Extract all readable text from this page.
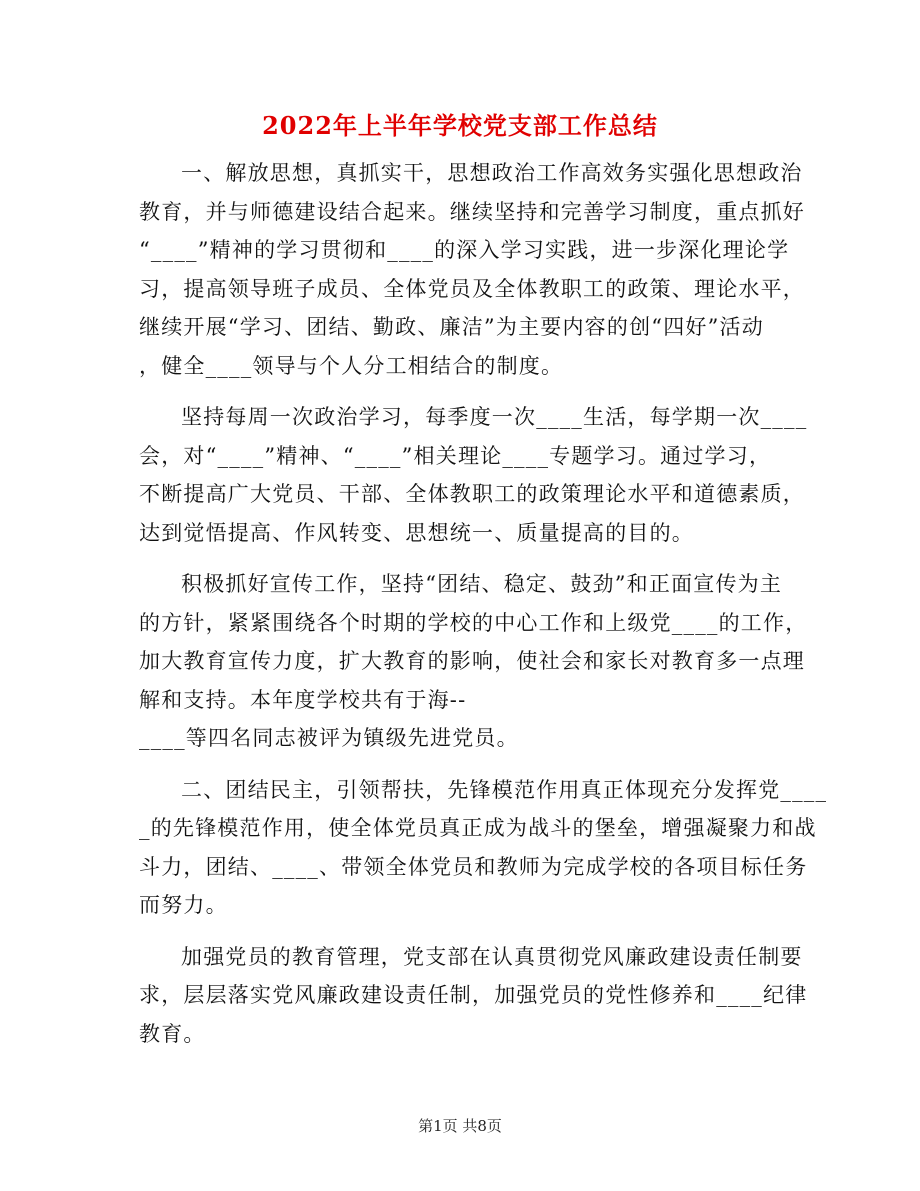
2022年上半年学校党支部工作总结

一、解放思想，真抓实干，思想政治工作高效务实强化思想政治
教育，并与师德建设结合起来。继续坚持和完善学习制度，重点抓好
“____”精神的学习贯彻和____的深入学习实践，进一步深化理论学
习，提高领导班子成员、全体党员及全体教职工的政策、理论水平，
继续开展“学习、团结、勤政、廉洁”为主要内容的创“四好”活动
，健全____领导与个人分工相结合的制度。

坚持每周一次政治学习，每季度一次____生活，每学期一次____
会，对“____”精神、“____”相关理论____专题学习。通过学习，
不断提高广大党员、干部、全体教职工的政策理论水平和道德素质，
达到觉悟提高、作风转变、思想统一、质量提高的目的。

积极抓好宣传工作，坚持“团结、稳定、鼓劲”和正面宣传为主
的方针，紧紧围绕各个时期的学校的中心工作和上级党____的工作，
加大教育宣传力度，扩大教育的影响，使社会和家长对教育多一点理
解和支持。本年度学校共有于海--
____等四名同志被评为镇级先进党员。

二、团结民主，引领帮扶，先锋模范作用真正体现充分发挥党____
_的先锋模范作用，使全体党员真正成为战斗的堡垒，增强凝聚力和战
斗力，团结、____、带领全体党员和教师为完成学校的各项目标任务
而努力。

加强党员的教育管理，党支部在认真贯彻党风廉政建设责任制要
求，层层落实党风廉政建设责任制，加强党员的党性修养和____纪律
教育。

第1页 共8页
